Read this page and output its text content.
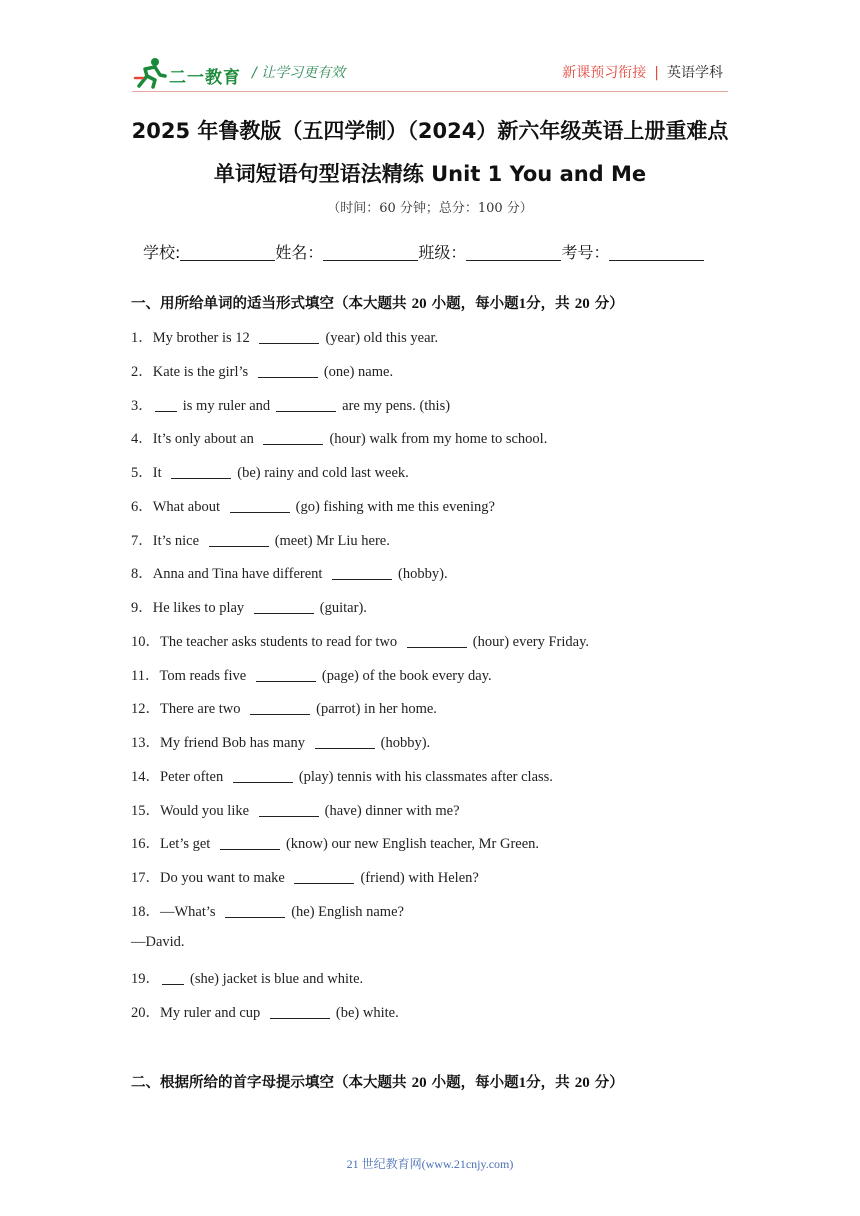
二一教育 / 让学习更有效	新课预习衔接 | 英语学科
2025 年鲁教版（五四学制）（2024）新六年级英语上册重难点
单词短语句型语法精练 Unit 1 You and Me
（时间：60 分钟；总分：100 分）
学校:	姓名：	班级：	考号：
一、用所给单词的适当形式填空（本大题共 20 小题，每小题1分，共 20 分）
1．My brother is 12	(year) old this year.
2．Kate is the girl’s	(one) name.
3． is my ruler and	are my pens. (this)
4．It’s only about an	(hour) walk from my home to school.
5．It	(be) rainy and cold last week.
6．What about	(go) fishing with me this evening?
7．It’s nice	(meet) Mr Liu here.
8．Anna and Tina have different	(hobby).
9．He likes to play	(guitar).
10．The teacher asks students to read for two	(hour) every Friday.
11．Tom reads five	(page) of the book every day.
12．There are two	(parrot) in her home.
13．My friend Bob has many	(hobby).
14．Peter often	(play) tennis with his classmates after class.
15．Would you like	(have) dinner with me?
16．Let’s get	(know) our new English teacher, Mr Green.
17．Do you want to make	(friend) with Helen?
18．—What’s	(he) English name?
—David.
19． (she) jacket is blue and white.
20．My ruler and cup	(be) white.
二、根据所给的首字母提示填空（本大题共 20 小题，每小题1分，共 20 分）
21 世纪教育网(www.21cnjy.com)
